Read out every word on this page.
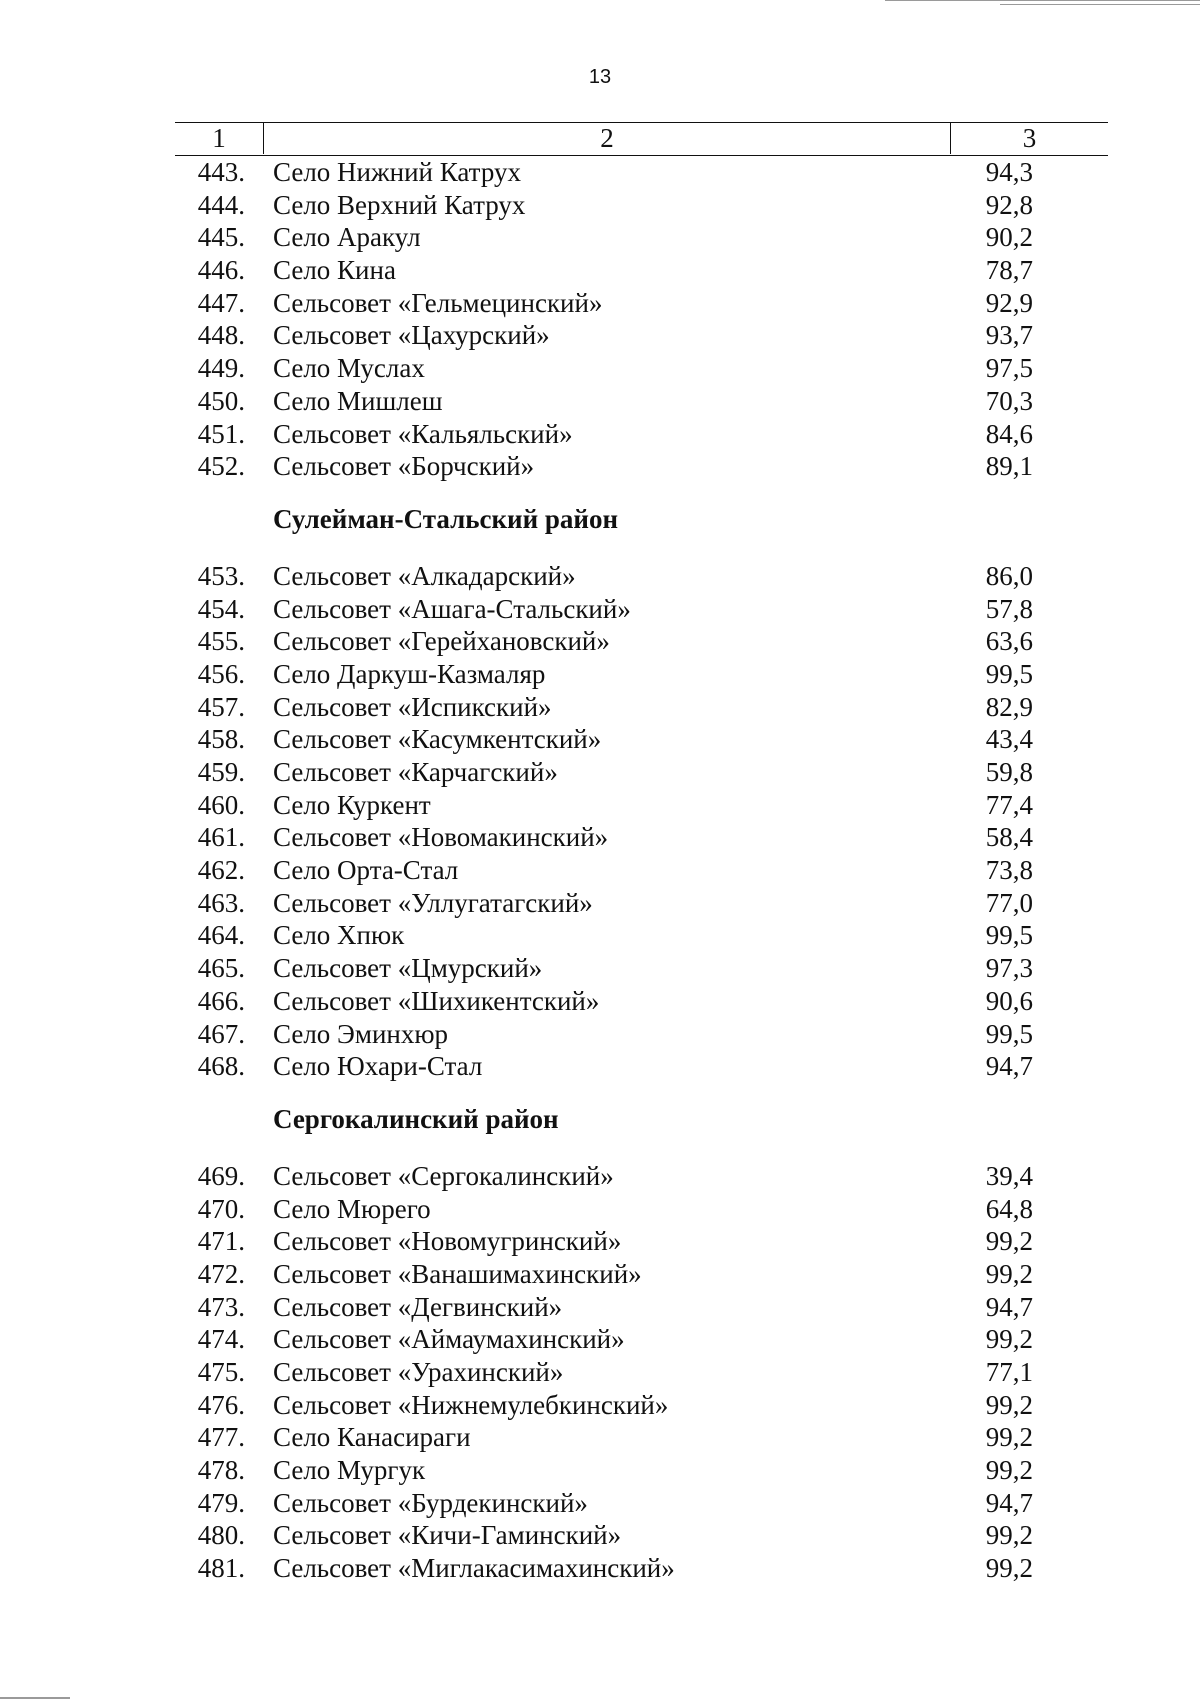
13
1	2	3
443. Село Нижний Катрух	94,3
444. Село Верхний Катрух	92,8
445. Село Аракул	90,2
446. Село Кина	78,7
447. Сельсовет «Гельмецинский»	92,9
448. Сельсовет «Цахурский»	93,7
449. Село Муслах	97,5
450. Село Мишлеш	70,3
451. Сельсовет «Кальяльский»	84,6
452. Сельсовет «Борчский»	89,1
Сулейман-Стальский район
453. Сельсовет «Алкадарский»	86,0
454. Сельсовет «Ашага-Стальский»	57,8
455. Сельсовет «Герейхановский»	63,6
456. Село Даркуш-Казмаляр	99,5
457. Сельсовет «Испикский»	82,9
458. Сельсовет «Касумкентский»	43,4
459. Сельсовет «Карчагский»	59,8
460. Село Куркент	77,4
461. Сельсовет «Новомакинский»	58,4
462. Село Орта-Стал	73,8
463. Сельсовет «Уллугатагский»	77,0
464. Село Хпюк	99,5
465. Сельсовет «Цмурский»	97,3
466. Сельсовет «Шихикентский»	90,6
467. Село Эминхюр	99,5
468. Село Юхари-Стал	94,7
Сергокалинский район
469. Сельсовет «Сергокалинский»	39,4
470. Село Мюрего	64,8
471. Сельсовет «Новомугринский»	99,2
472. Сельсовет «Ванашимахинский»	99,2
473. Сельсовет «Дегвинский»	94,7
474. Сельсовет «Аймаумахинский»	99,2
475. Сельсовет «Урахинский»	77,1
476. Сельсовет «Нижнемулебкинский»	99,2
477. Село Канасираги	99,2
478. Село Мургук	99,2
479. Сельсовет «Бурдекинский»	94,7
480. Сельсовет «Кичи-Гаминский»	99,2
481. Сельсовет «Миглакасимахинский»	99,2
